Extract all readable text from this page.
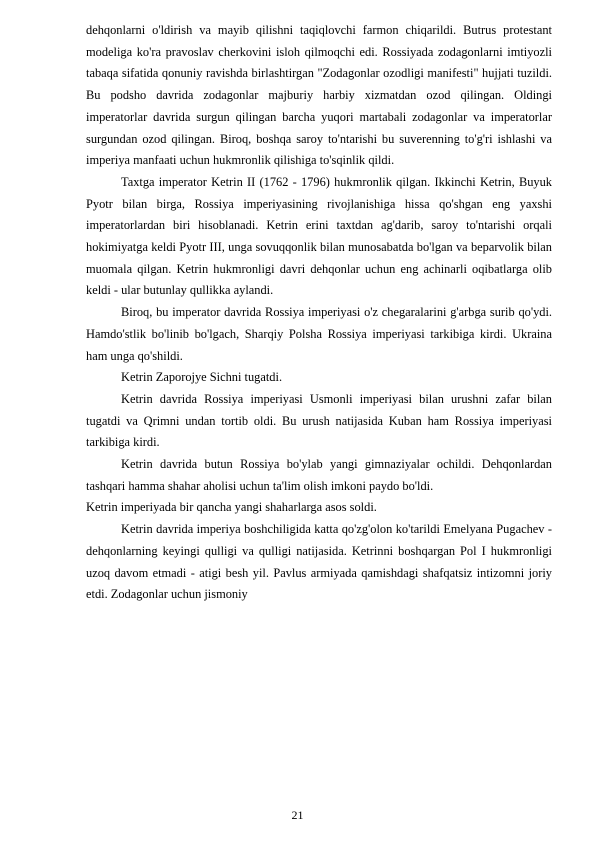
dehqonlarni o'ldirish va mayib qilishni taqiqlovchi farmon chiqarildi. Butrus protestant modeliga ko'ra pravoslav cherkovini isloh qilmoqchi edi. Rossiyada zodagonlarni imtiyozli tabaqa sifatida qonuniy ravishda birlashtirgan "Zodagonlar ozodligi manifesti" hujjati tuzildi. Bu podsho davrida zodagonlar majburiy harbiy xizmatdan ozod qilingan. Oldingi imperatorlar davrida surgun qilingan barcha yuqori martabali zodagonlar va imperatorlar surgundan ozod qilingan. Biroq, boshqa saroy to'ntarishi bu suverenning to'g'ri ishlashi va imperiya manfaati uchun hukmronlik qilishiga to'sqinlik qildi.

Taxtga imperator Ketrin II (1762 - 1796) hukmronlik qilgan. Ikkinchi Ketrin, Buyuk Pyotr bilan birga, Rossiya imperiyasining rivojlanishiga hissa qo'shgan eng yaxshi imperatorlardan biri hisoblanadi. Ketrin erini taxtdan ag'darib, saroy to'ntarishi orqali hokimiyatga keldi Pyotr III, unga sovuqqonlik bilan munosabatda bo'lgan va beparvolik bilan muomala qilgan. Ketrin hukmronligi davri dehqonlar uchun eng achinarli oqibatlarga olib keldi - ular butunlay qullikka aylandi.

Biroq, bu imperator davrida Rossiya imperiyasi o'z chegaralarini g'arbga surib qo'ydi. Hamdo'stlik bo'linib bo'lgach, Sharqiy Polsha Rossiya imperiyasi tarkibiga kirdi. Ukraina ham unga qo'shildi.

Ketrin Zaporojye Sichni tugatdi.

Ketrin davrida Rossiya imperiyasi Usmonli imperiyasi bilan urushni zafar bilan tugatdi va Qrimni undan tortib oldi. Bu urush natijasida Kuban ham Rossiya imperiyasi tarkibiga kirdi.

Ketrin davrida butun Rossiya bo'ylab yangi gimnaziyalar ochildi. Dehqonlardan tashqari hamma shahar aholisi uchun ta'lim olish imkoni paydo bo'ldi.

Ketrin imperiyada bir qancha yangi shaharlarga asos soldi.

Ketrin davrida imperiya boshchiligida katta qo'zg'olon ko'tarildi Emelyana Pugachev - dehqonlarning keyingi qulligi va qulligi natijasida. Ketrinni boshqargan Pol I hukmronligi uzoq davom etmadi - atigi besh yil. Pavlus armiyada qamishdagi shafqatsiz intizomni joriy etdi. Zodagonlar uchun jismoniy

21
